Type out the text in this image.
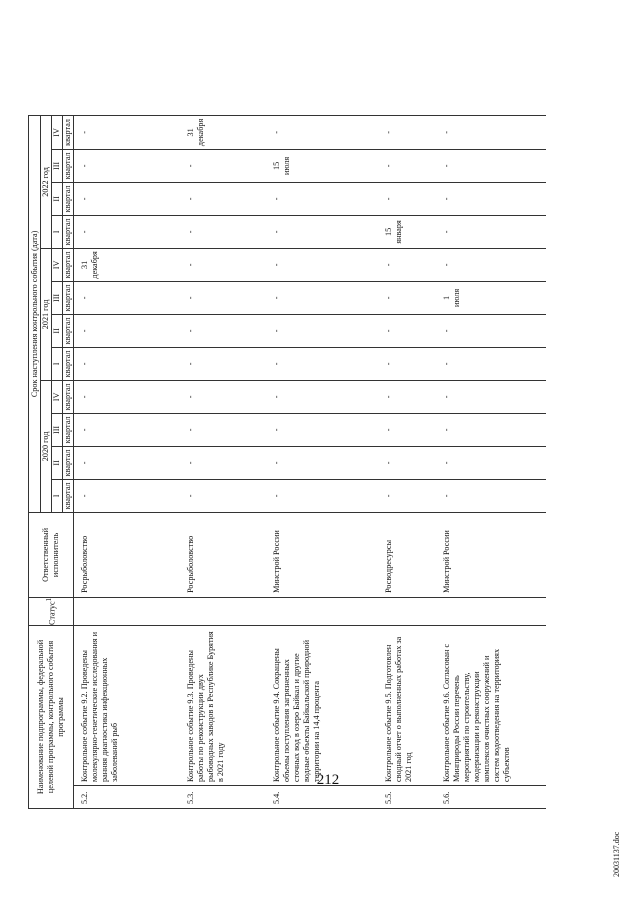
212
Наименование подпрограммы, федеральной целевой программы, контрольного события программы		Статус$^1$	Ответственный исполнитель	Срок наступления контрольного события (дата)											
				2020 год				2021 год				2022 год			
				I	II	III	IV	I	II	III	IV	I	II	III	IV
				квартал	квартал	квартал	квартал	квартал	квартал	квартал	квартал	квартал	квартал	квартал	квартал
5.2.	Контрольное событие 9.2. Проведены молекулярно-генетические исследования и ранняя диагностика инфекционных заболеваний рыб		Росрыболовство	-	-	-	-	-	-	-	31 декабря	-	-	-	-

5.3.	Контрольное событие 9.3. Проведены работы по реконструкции двух рыбоводных заводов в Республике Бурятия в 2021 году		Росрыболовство	-	-	-	-	-	-	-	-	-	-	-	31 декабря

5.4.	Контрольное событие 9.4. Сокращены объемы поступления загрязненных сточных вод в озеро Байкал и другие водные объекты Байкальской природной территории на 14,4 процента		Минстрой России	-	-	-	-	-	-	-	-	-	-	15 июля	-

5.5.	Контрольное событие 9.5. Подготовлен сводный отчет о выполненных работах за 2021 год		Росводресурсы	-	-	-	-	-	-	-	-	15 января	-	-	-

5.6.	Контрольное событие 9.6. Согласован с Минприроды России перечень мероприятий по строительству, модернизации и реконструкции комплексов очистных сооружений и систем водоотведения на территориях субъектов		Минстрой России	-	-	-	-	-	-	1 июля	-	-	-	-	-
20031137.doc
